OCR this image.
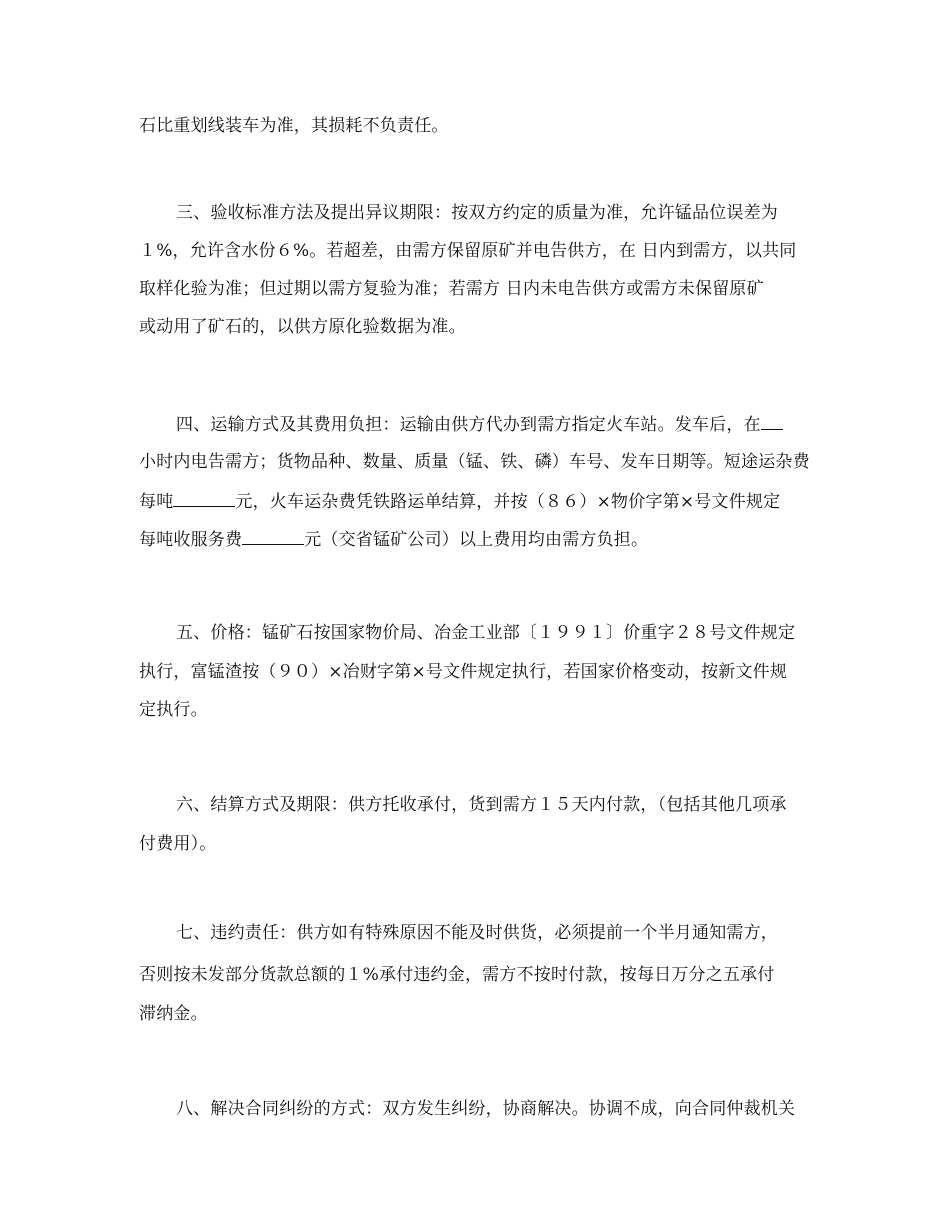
石比重划线装车为准，其损耗不负责任。
三、验收标准方法及提出异议期限：按双方约定的质量为准，允许锰品位误差为
１%，允许含水份６%。若超差，由需方保留原矿并电告供方，在 日内到需方，以共同
取样化验为准；但过期以需方复验为准；若需方 日内未电告供方或需方未保留原矿
或动用了矿石的，以供方原化验数据为准。
四、运输方式及其费用负担：运输由供方代办到需方指定火车站。发车后，在
小时内电告需方；货物品种、数量、质量（锰、铁、磷）车号、发车日期等。短途运杂费
每吨	元，火车运杂费凭铁路运单结算，并按（８６）×物价字第×号文件规定
每吨收服务费	元（交省锰矿公司）以上费用均由需方负担。
五、价格：锰矿石按国家物价局、冶金工业部〔１９９１〕价重字２８号文件规定
执行，富锰渣按（９０）×冶财字第×号文件规定执行，若国家价格变动，按新文件规
定执行。
六、结算方式及期限：供方托收承付，货到需方１５天内付款，（包括其他几项承
付费用）。
七、违约责任：供方如有特殊原因不能及时供货，必须提前一个半月通知需方，
否则按未发部分货款总额的１%承付违约金，需方不按时付款，按每日万分之五承付
滞纳金。
八、解决合同纠纷的方式：双方发生纠纷，协商解决。协调不成，向合同仲裁机关
